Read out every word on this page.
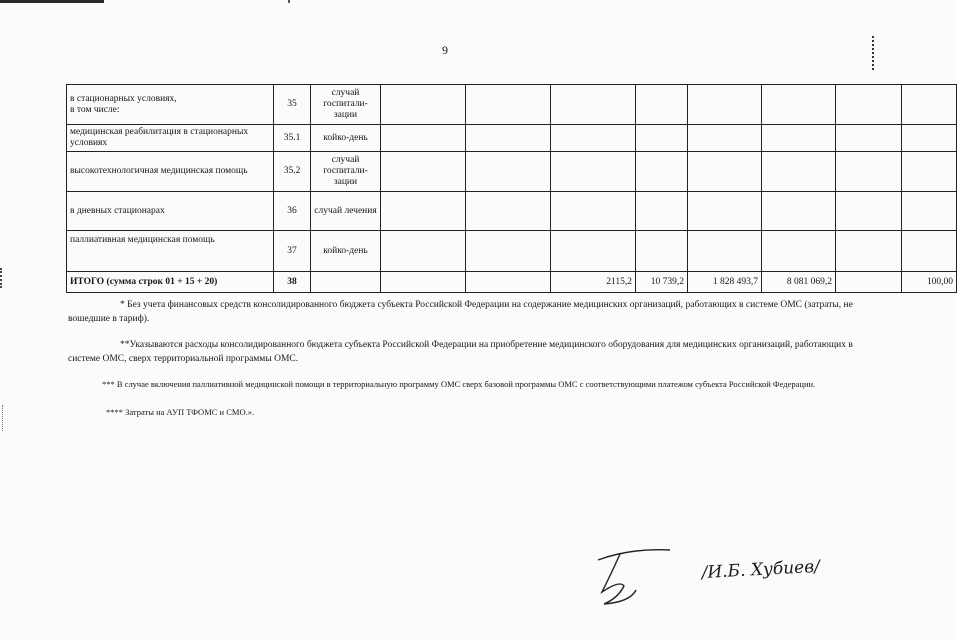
9
в стационарных условиях,
в том числе:	35	случай госпитали-зации								
медицинская реабилитация в стационарных условиях	35.1	койко-день								
высокотехнологичная медицинская помощь	35.2	случай госпитали-зации								
в дневных стационарах	36	случай лечения								
паллиативная медицинская помощь	37	койко-день								
ИТОГО (сумма строк 01 + 15 + 20)	38				2115,2	10 739,2	1 828 493,7	8 081 069,2		100,00
* Без учета финансовых средств консолидированного бюджета субъекта Российской Федерации на содержание медицинских организаций, работающих в системе ОМС (затраты, не вошедшие в тариф).
**Указываются расходы консолидированного бюджета субъекта Российской Федерации на приобретение медицинского оборудования для медицинских организаций, работающих в системе ОМС, сверх территориальной программы ОМС.
*** В случае включения паллиативной медицинской помощи в территориальную программу ОМС сверх базовой программы ОМС с соответствующими платежом субъекта Российской Федерации.
**** Затраты на АУП ТФОМС и СМО.».
/И.Б. Хубиев/
